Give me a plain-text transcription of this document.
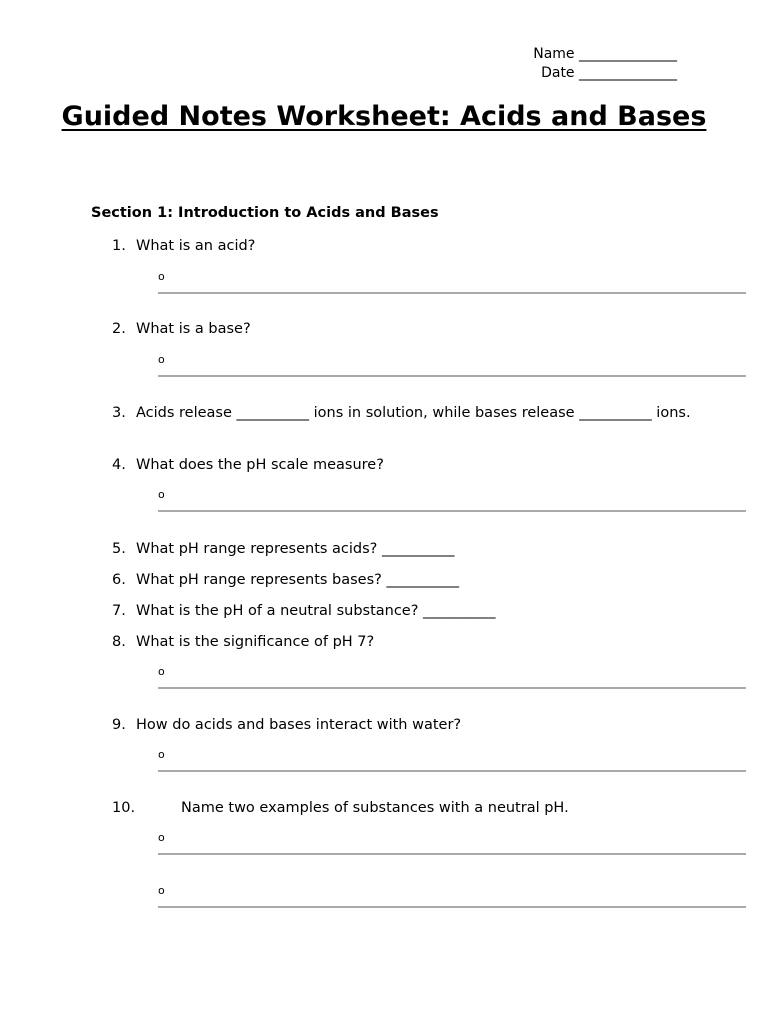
Name ______________
Date ______________
Guided Notes Worksheet: Acids and Bases
Section 1: Introduction to Acids and Bases
1. What is an acid?
o
2. What is a base?
o
3. Acids release __________ ions in solution, while bases release __________ ions.
4. What does the pH scale measure?
o
5. What pH range represents acids? __________
6. What pH range represents bases? __________
7. What is the pH of a neutral substance? __________
8. What is the significance of pH 7?
o
9. How do acids and bases interact with water?
o
10.	Name two examples of substances with a neutral pH.
o
o
